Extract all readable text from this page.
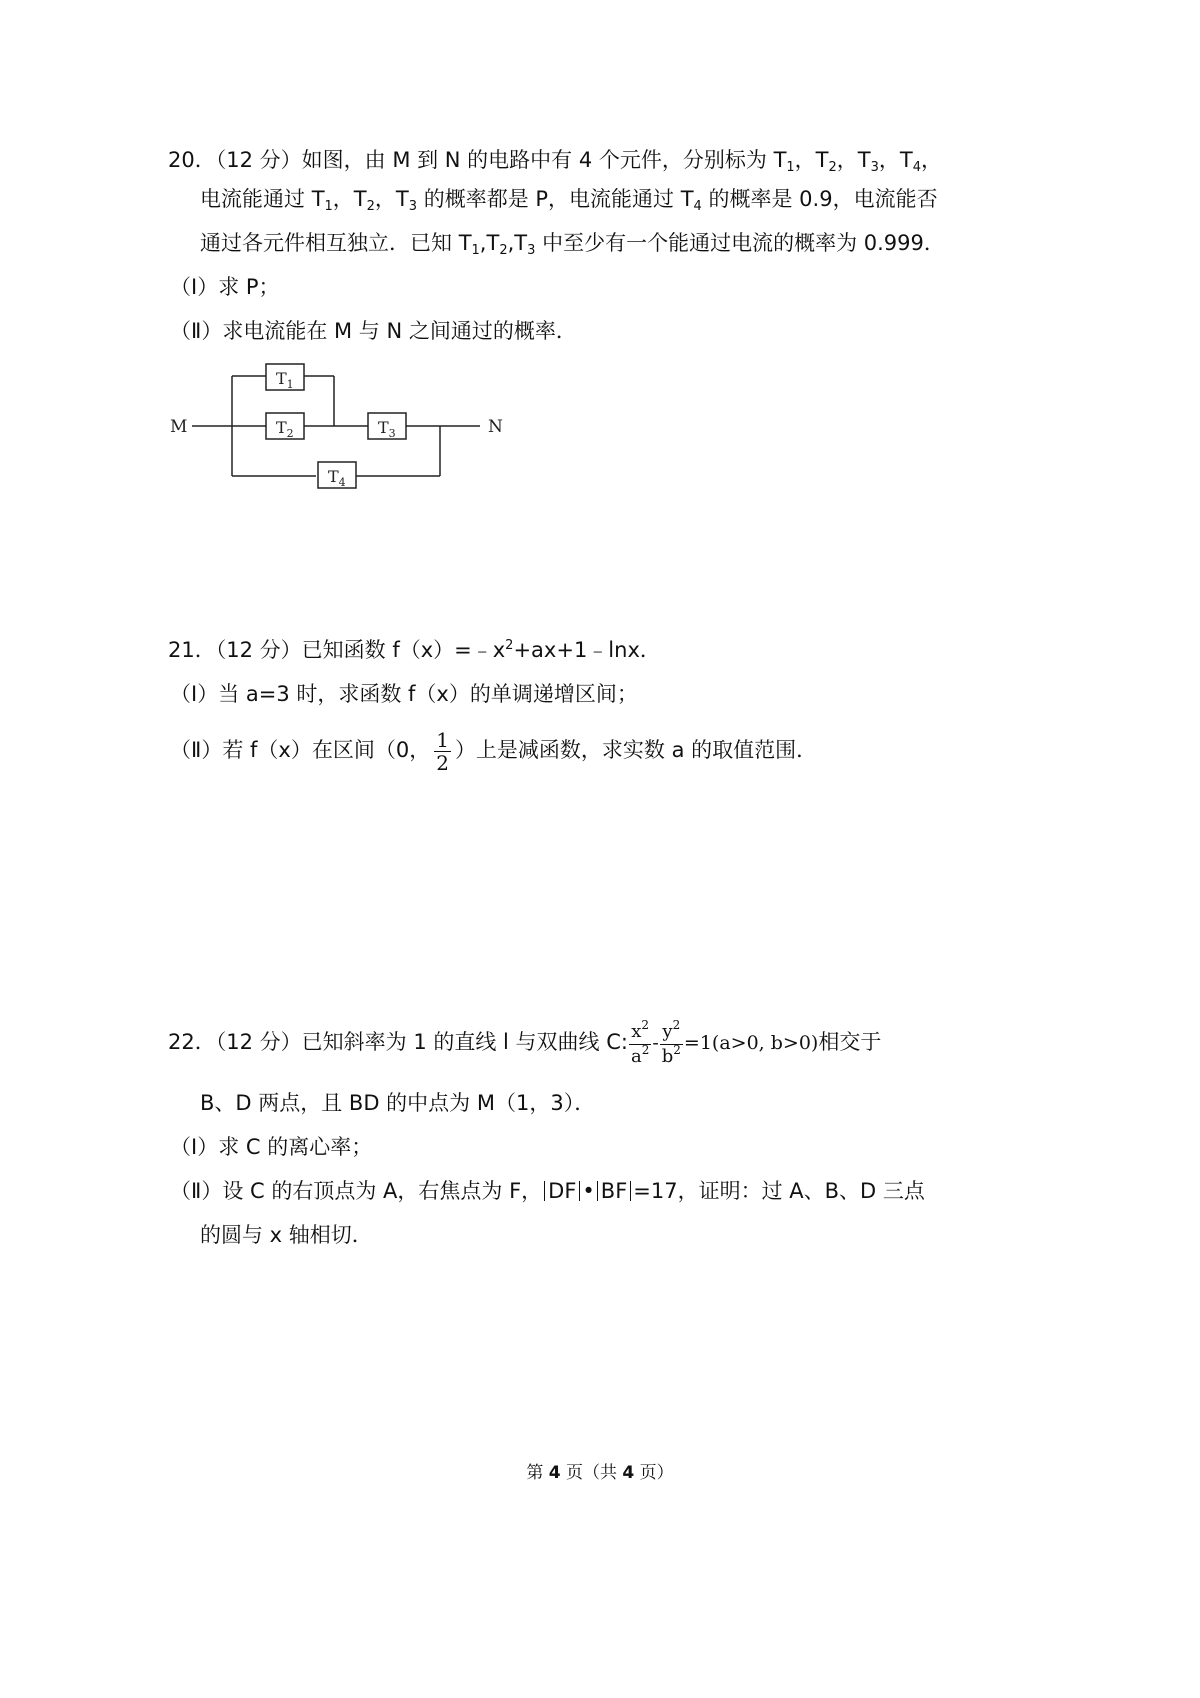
20．（12 分）如图，由 M 到 N 的电路中有 4 个元件，分别标为 $T_1$，$T_2$，$T_3$，$T_4$，
电流能通过 $T_1$，$T_2$，$T_3$ 的概率都是 P，电流能通过 $T_4$ 的概率是 0.9，电流能否
通过各元件相互独立．已知 $T_1,T_2,T_3$ 中至少有一个能通过电流的概率为 0.999．
（Ⅰ）求 P；
（Ⅱ）求电流能在 M 与 N 之间通过的概率．
M	N
$T_1$
$T_2$	$T_3$
$T_4$
21．（12 分）已知函数 $f(x)=﹣x^2+ax+1﹣\ln x$．
（Ⅰ）当 a=3 时，求函数 f（x）的单调递增区间；
（Ⅱ）若 f（x）在区间（0， $\frac{1}{2}$ ）上是减函数，求实数 a 的取值范围．
22．（12 分）已知斜率为 1 的直线 l 与双曲线 C: $\frac{x^2}{a^2} - \frac{y^2}{b^2} =1(a>0$, b>0)相交于
B、D 两点，且 BD 的中点为 M（1，3）．
（Ⅰ）求 C 的离心率；
（Ⅱ）设 C 的右顶点为 A，右焦点为 F， DF • BF =17，证明：过 A、B、D 三点
的圆与 x 轴相切．
第 4 页（共 4 页）
